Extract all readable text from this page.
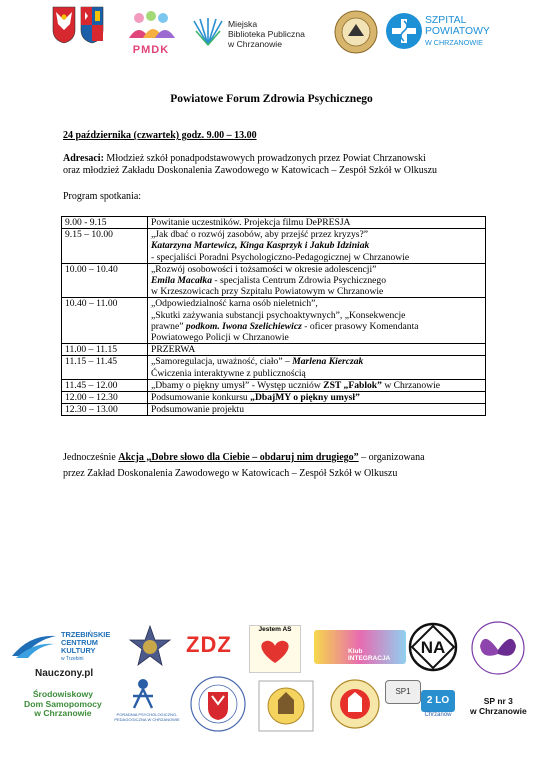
PMDK
Miejska
Biblioteka Publiczna
w Chrzanowie
SZPITAL
POWIATOWY
W CHRZANOWIE
Powiatowe Forum Zdrowia Psychicznego
24 października (czwartek) godz. 9.00 – 13.00
Adresaci: Młodzież szkół ponadpodstawowych prowadzonych przez Powiat Chrzanowski
oraz młodzież Zakładu Doskonalenia Zawodowego w Katowicach – Zespół Szkół w Olkuszu
Program spotkania:
9.00 - 9.15	Powitanie uczestników. Projekcja filmu DePRESJA

9.15 – 10.00	„Jak dbać o rozwój zasobów, aby przejść przez kryzys?”
Katarzyna Martewicz, Kinga Kasprzyk i Jakub Idziniak
- specjaliści Poradni Psychologiczno-Pedagogicznej w Chrzanowie

10.00 – 10.40	„Rozwój osobowości i tożsamości w okresie adolescencji”
Emila Macałka - specjalista Centrum Zdrowia Psychicznego
w Krzeszowicach przy Szpitalu Powiatowym w Chrzanowie

10.40 – 11.00	„Odpowiedzialność karna osób nieletnich”,
„Skutki zażywania substancji psychoaktywnych”, „Konsekwencje
prawne” podkom. Iwona Szelichiewicz - oficer prasowy Komendanta
Powiatowego Policji w Chrzanowie

11.00 – 11.15	PRZERWA

11.15 – 11.45	„Samoregulacja, uważność, ciało” – Marlena Kierczak
Ćwiczenia interaktywne z publicznością

11.45 – 12.00	„Dbamy o piękny umysł” - Występ uczniów ZST „Fablok” w Chrzanowie

12.00 – 12.30	Podsumowanie konkursu „DbajMY o piękny umysł”

12.30 – 13.00	Podsumowanie projektu
Jednocześnie Akcja „Dobre słowo dla Ciebie – obdaruj nim drugiego” – organizowana
przez Zakład Doskonalenia Zawodowego w Katowicach – Zespół Szkół w Olkuszu
TRZEBIŃSKIE
CENTRUM
KULTURY
w Trzebini
ZDZ
Jestem AS
Klub INTEGRACJA
NA
Nauczony.pl
Środowiskowy
Dom Samopomocy
w Chrzanowie	PORADNIA PSYCHOLOGICZNO-PEDAGOGICZNA W CHRZANOWIE
SP1
2 LO
Chrzanów
SP nr 3
w Chrzanowie
